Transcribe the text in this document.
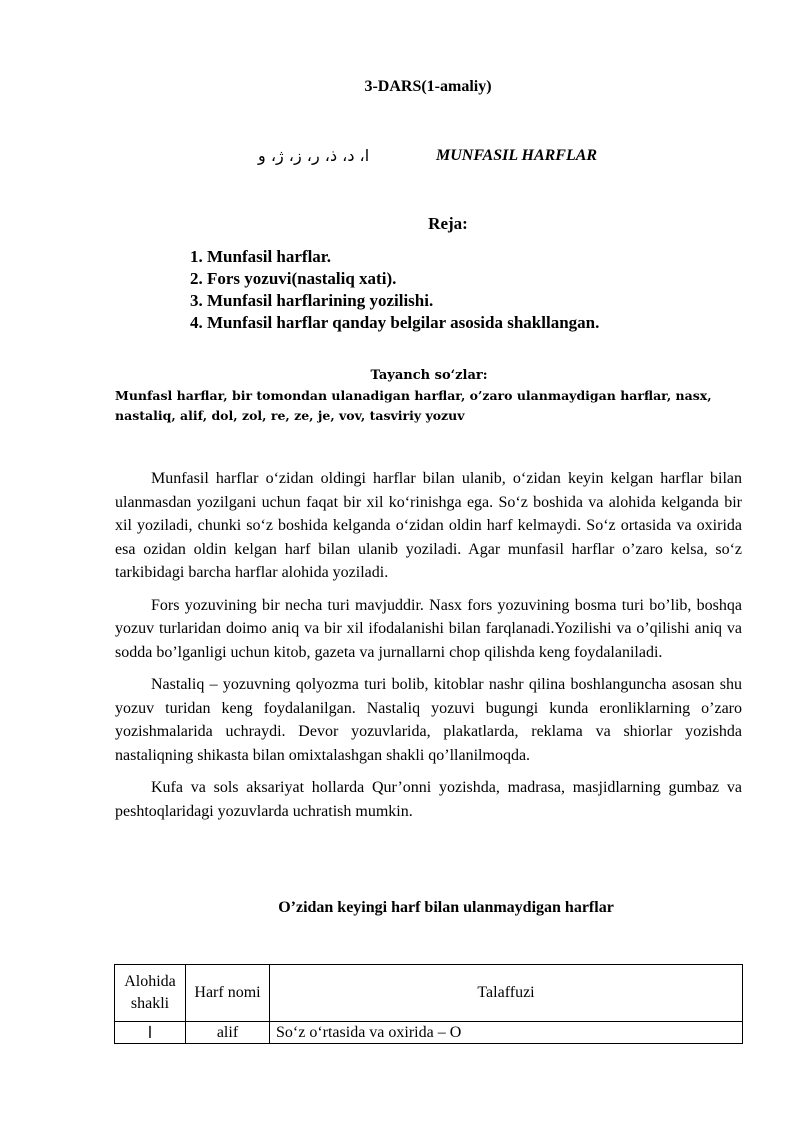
3-DARS(1-amaliy)
ا، د، ذ، ر، ز، ژ، و	MUNFASIL HARFLAR
Reja:
1. Munfasil harflar.
2. Fors yozuvi(nastaliq xati).
3. Munfasil harflarining yozilishi.
4. Munfasil harflar qanday belgilar asosida shakllangan.
Tayanch so‘zlar:
Munfasl harflar, bir tomondan ulanadigan harflar, o’zaro ulanmaydigan harflar, nasx, nastaliq, alif, dol, zol, re, ze, je, vov, tasviriy yozuv

Munfasil harflar o‘zidan oldingi harflar bilan ulanib, o‘zidan keyin kelgan harflar bilan ulanmasdan yozilgani uchun faqat bir xil ko‘rinishga ega. So‘z boshida va alohida kelganda bir xil yoziladi, chunki so‘z boshida kelganda o‘zidan oldin harf kelmaydi. So‘z ortasida va oxirida esa ozidan oldin kelgan harf bilan ulanib yoziladi. Agar munfasil harflar o’zaro kelsa, so‘z tarkibidagi barcha harflar alohida yoziladi.

Fors yozuvining bir necha turi mavjuddir. Nasx fors yozuvining bosma turi bo’lib, boshqa yozuv turlaridan doimo aniq va bir xil ifodalanishi bilan farqlanadi.Yozilishi va o’qilishi aniq va sodda bo’lganligi uchun kitob, gazeta va jurnallarni chop qilishda keng foydalaniladi.

Nastaliq – yozuvning qolyozma turi bolib, kitoblar nashr qilina boshlanguncha asosan shu yozuv turidan keng foydalanilgan. Nastaliq yozuvi bugungi kunda eronliklarning o’zaro yozishmalarida uchraydi. Devor yozuvlarida, plakatlarda, reklama va shiorlar yozishda nastaliqning shikasta bilan omixtalashgan shakli qo’llanilmoqda.

Kufa va sols aksariyat hollarda Qur’onni yozishda, madrasa, masjidlarning gumbaz va peshtoqlaridagi yozuvlarda uchratish mumkin.

O’zidan keyingi harf bilan ulanmaydigan harflar
Alohida shakli	Harf nomi	Talaffuzi
ا	alif	So‘z o‘rtasida va oxirida – O
